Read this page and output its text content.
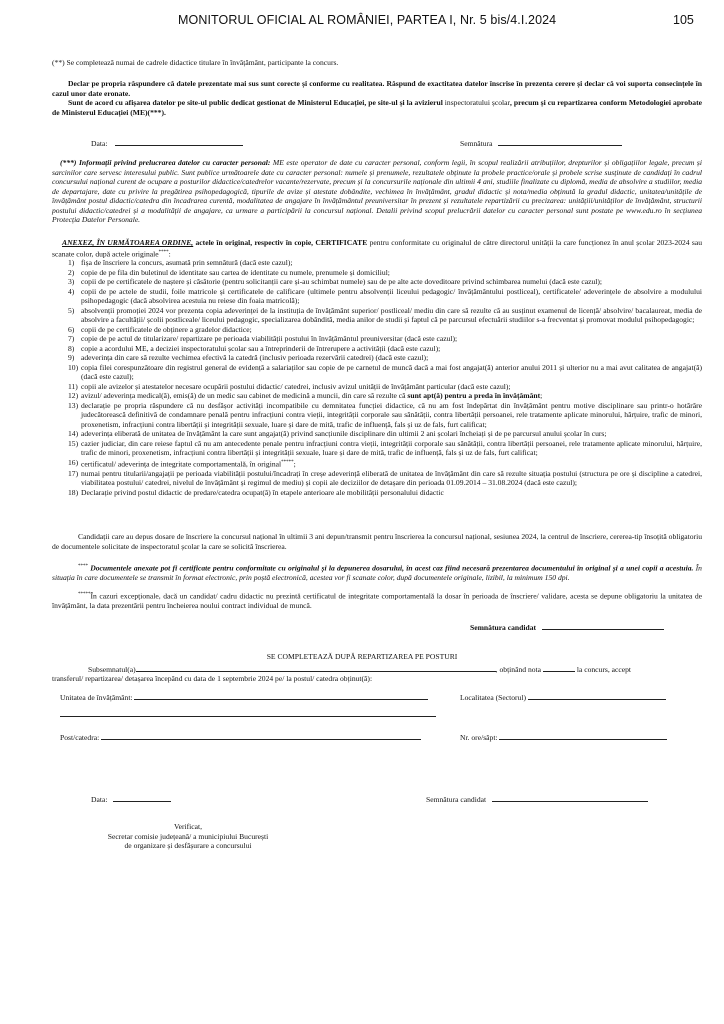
MONITORUL OFICIAL AL ROMÂNIEI, PARTEA I, Nr. 5 bis/4.I.2024	105
(**) Se completează numai de cadrele didactice titulare în învățământ, participante la concurs.
Declar pe propria răspundere că datele prezentate mai sus sunt corecte și conforme cu realitatea. Răspund de exactitatea datelor înscrise în prezenta cerere și declar că voi suporta consecințele în cazul unor date eronate.
Sunt de acord cu afișarea datelor pe site-ul public dedicat gestionat de Ministerul Educației, pe site-ul și la avizierul inspectoratului școlar, precum și cu repartizarea conform Metodologiei aprobate de Ministerul Educației (ME)(***).
Data:	Semnătura
(***) Informații privind prelucrarea datelor cu caracter personal: ME este operator de date cu caracter personal, conform legii, în scopul realizării atribuțiilor, drepturilor și obligațiilor legale, precum și sarcinilor care servesc interesului public. Sunt publice următoarele date cu caracter personal: numele și prenumele, rezultatele obținute la probele practice/orale și probele scrise susținute de candidați în cadrul concursului național curent de ocupare a posturilor didactice/catedrelor vacante/rezervate, precum și la concursurile naționale din ultimii 4 ani, studiile finalizate cu diplomă, media de absolvire a studiilor, media de departajare, date cu privire la pregătirea psihopedagogică, tipurile de avize și atestate dobândite, vechimea în învățământ, gradul didactic și nota/media obținută la gradul didactic, unitatea/unitățile de învățământ postul didactic/catedra din încadrarea curentă, modalitatea de angajare în învățământul preuniversitar în prezent și rezultatele repartizării cu precizarea: unitățiii/unităților de învățământ, structurii postului didactic/catedrei și a modalității de angajare, ca urmare a participării la concursul național. Detalii privind scopul prelucrării datelor cu caracter personal sunt postate pe www.edu.ro în secțiunea Protecția Datelor Personale.
ANEXEZ, ÎN URMĂTOAREA ORDINE, actele în original, respectiv în copie, CERTIFICATE pentru conformitate cu originalul de către directorul unității la care funcționez în anul școlar 2023-2024 sau scanate color, după actele originale****:
1) fișa de înscriere la concurs, asumată prin semnătură (dacă este cazul);
2) copie de pe fila din buletinul de identitate sau cartea de identitate cu numele, prenumele și domiciliul;
3) copii de pe certificatele de naștere și căsătorie (pentru solicitanții care și-au schimbat numele) sau de pe alte acte doveditoare privind schimbarea numelui (dacă este cazul);
4) copii de pe actele de studii, foile matricole și certificatele de calificare (ultimele pentru absolvenții liceului pedagogic/ învățământului postliceal), certificatele/ adeverințele de absolvire a modulului psihopedagogic (dacă absolvirea acestuia nu reiese din foaia matricolă);
5) absolvenții promoției 2024 vor prezenta copia adeverinței de la instituția de învățământ superior/ postliceal/ mediu din care să rezulte că au susținut examenul de licență/ absolvire/ bacalaureat, media de absolvire a facultății/ școlii postliceale/ liceului pedagogic, specializarea dobândită, media anilor de studii și faptul că pe parcursul efectuării studiilor s-a frecventat și promovat modulul psihopedagogic;
6) copii de pe certificatele de obținere a gradelor didactice;
7) copie de pe actul de titularizare/ repartizare pe perioada viabilității postului în învățământul preuniversitar (dacă este cazul);
8) copie a acordului ME, a deciziei inspectoratului școlar sau a întreprinderii de întrerupere a activității (dacă este cazul);
9) adeverința din care să rezulte vechimea efectivă la catedră (inclusiv perioada rezervării catedrei) (dacă este cazul);
10) copia filei corespunzătoare din registrul general de evidență a salariaților sau copie de pe carnetul de muncă dacă a mai fost angajat(ă) anterior anului 2011 și ulterior nu a mai avut calitatea de angajat(ă) (dacă este cazul);
11) copii ale avizelor și atestatelor necesare ocupării postului didactic/ catedrei, inclusiv avizul unității de învățământ particular (dacă este cazul);
12) avizul/ adeverința medical(ă), emis(ă) de un medic sau cabinet de medicină a muncii, din care să rezulte că sunt apt(ă) pentru a preda în învățământ;
13) declarație pe propria răspundere că nu desfășor activități incompatibile cu demnitatea funcției didactice, că nu am fost îndepărtat din învățământ pentru motive disciplinare sau printr-o hotărâre judecătorească definitivă de condamnare penală pentru infracțiuni contra vieții, integrității corporale sau sănătății, contra libertății persoanei, rele tratamente aplicate minorului, hărțuire, trafic de minori, proxenetism, infracțiuni contra libertății și integrității sexuale, luare și dare de mită, trafic de influență, fals și uz de fals, furt calificat;
14) adeverința eliberată de unitatea de învățământ la care sunt angajat(ă) privind sancțiunile disciplinare din ultimii 2 ani școlari încheiați și de pe parcursul anului școlar în curs;
15) cazier judiciar, din care reiese faptul că nu am antecedente penale pentru infracțiuni contra vieții, integrității corporale sau sănătății, contra libertății persoanei, rele tratamente aplicate minorului, hărțuire, trafic de minori, proxenetism, infracțiuni contra libertății și integrității sexuale, luare și dare de mită, trafic de influență, fals și uz de fals, furt calificat;
16) certificatul/ adeverința de integritate comportamentală, în original*****;
17) numai pentru titularii/angajații pe perioada viabilității postului/încadrați în creșe adeverință eliberată de unitatea de învățământ din care să rezulte situația postului (structura pe ore și discipline a catedrei, viabilitatea postului/ catedrei, nivelul de învățământ și regimul de mediu) și copii ale deciziilor de detașare din perioada 01.09.2014 – 31.08.2024 (dacă este cazul);
18) Declarație privind postul didactic de predare/catedra ocupat(ă) în etapele anterioare ale mobilității personalului didactic
Candidații care au depus dosare de înscriere la concursul național în ultimii 3 ani depun/transmit pentru înscrierea la concursul național, sesiunea 2024, la centrul de înscriere, cererea-tip însoțită obligatoriu de documentele solicitate de inspectoratul școlar la care se solicită înscrierea.
**** Documentele anexate pot fi certificate pentru conformitate cu originalul și la depunerea dosarului, în acest caz fiind necesară prezentarea documentului în original și a unei copii a acestuia. În situația în care documentele se transmit în format electronic, prin poștă electronică, acestea vor fi scanate color, după documentele originale, lizibil, la minimum 150 dpi.
*****În cazuri excepționale, dacă un candidat/ cadru didactic nu prezintă certificatul de integritate comportamentală la dosar în perioada de înscriere/ validare, acesta se depune obligatoriu la unitatea de învățământ, la data prezentării pentru încheierea noului contract individual de muncă.
Semnătura candidat
SE COMPLETEAZĂ DUPĂ REPARTIZAREA PE POSTURI
Subsemnatul(a)	, obținând nota	la concurs, accept
transferul/ repartizarea/ detașarea începând cu data de 1 septembrie 2024 pe/ la postul/ catedra obținut(ă):
Unitatea de învățământ:	Localitatea (Sectorul)
Post/catedra:	Nr. ore/săpt:
Data:	Semnătura candidat
Verificat,
Secretar comisie județeană/ a municipiului București
de organizare și desfășurare a concursului
